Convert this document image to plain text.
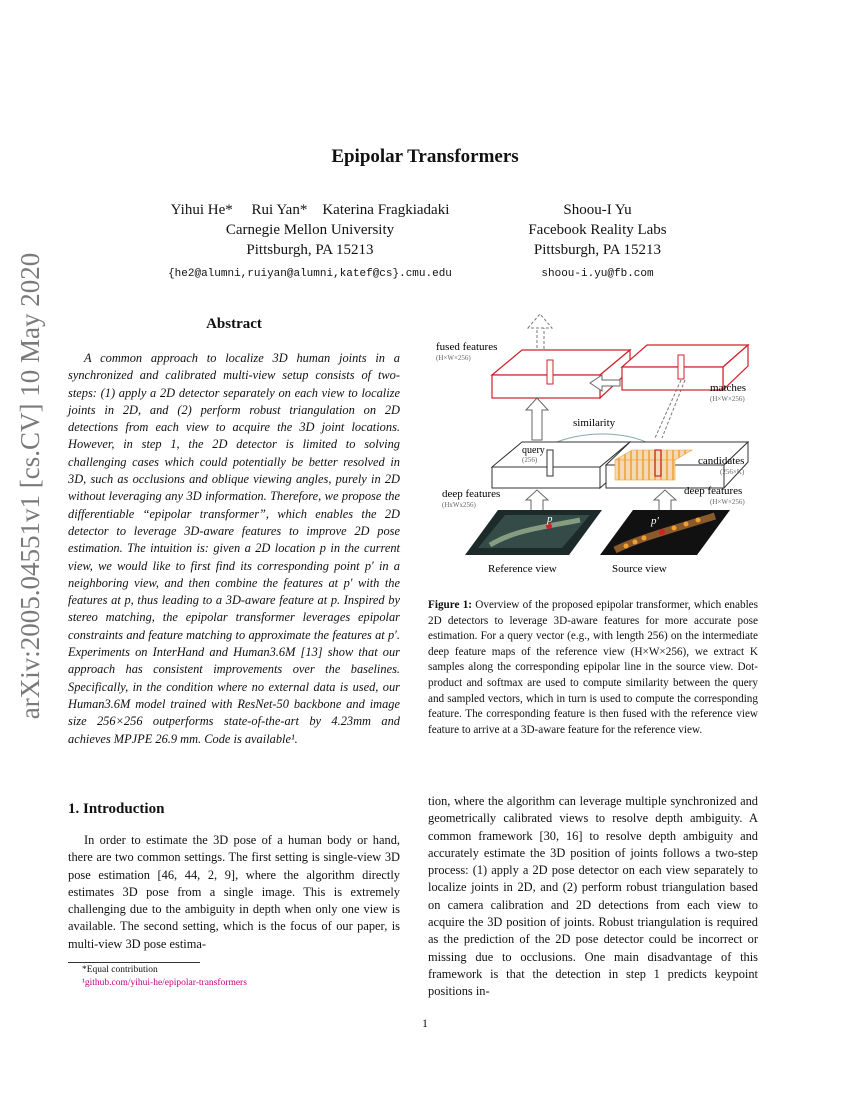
arXiv:2005.04551v1 [cs.CV] 10 May 2020
Epipolar Transformers
Yihui He*     Rui Yan*    Katerina Fragkiadaki
Carnegie Mellon University
Pittsburgh, PA 15213
{he2@alumni,ruiyan@alumni,katef@cs}.cmu.edu
Shoou-I Yu
Facebook Reality Labs
Pittsburgh, PA 15213
shoou-i.yu@fb.com
Abstract

A common approach to localize 3D human joints in a synchronized and calibrated multi-view setup consists of two-steps: (1) apply a 2D detector separately on each view to localize joints in 2D, and (2) perform robust triangulation on 2D detections from each view to acquire the 3D joint locations. However, in step 1, the 2D detector is limited to solving challenging cases which could potentially be better resolved in 3D, such as occlusions and oblique viewing angles, purely in 2D without leveraging any 3D information. Therefore, we propose the differentiable “epipolar transformer”, which enables the 2D detector to leverage 3D-aware features to improve 2D pose estimation. The intuition is: given a 2D location p in the current view, we would like to first find its corresponding point p′ in a neighboring view, and then combine the features at p′ with the features at p, thus leading to a 3D-aware feature at p. Inspired by stereo matching, the epipolar transformer leverages epipolar constraints and feature matching to approximate the features at p′. Experiments on InterHand and Human3.6M [13] show that our approach has consistent improvements over the baselines. Specifically, in the condition where no external data is used, our Human3.6M model trained with ResNet-50 backbone and image size 256×256 outperforms state-of-the-art by 4.23mm and achieves MPJPE 26.9 mm. Code is available¹.

1. Introduction

In order to estimate the 3D pose of a human body or hand, there are two common settings. The first setting is single-view 3D pose estimation [46, 44, 2, 9], where the algorithm directly estimates 3D pose from a single image. This is extremely challenging due to the ambiguity in depth when only one view is available. The second setting, which is the focus of our paper, is multi-view 3D pose estima-

*Equal contribution
¹github.com/yihui-he/epipolar-transformers
fused features
(H×W×256)
matches
(H×W×256)
similarity
query
(256)	candidates
(256×K)
deep features
(HxWx256)
deep features
(H×W×256)
p	p′
Reference view	Source view
Figure 1: Overview of the proposed epipolar transformer, which enables 2D detectors to leverage 3D-aware features for more accurate pose estimation. For a query vector (e.g., with length 256) on the intermediate deep feature maps of the reference view (H×W×256), we extract K samples along the corresponding epipolar line in the source view. Dot-product and softmax are used to compute similarity between the query and sampled vectors, which in turn is used to compute the corresponding feature. The corresponding feature is then fused with the reference view feature to arrive at a 3D-aware feature for the reference view.

tion, where the algorithm can leverage multiple synchronized and geometrically calibrated views to resolve depth ambiguity. A common framework [30, 16] to resolve depth ambiguity and accurately estimate the 3D position of joints follows a two-step process: (1) apply a 2D pose detector on each view separately to localize joints in 2D, and (2) perform robust triangulation based on camera calibration and 2D detections from each view to acquire the 3D position of joints. Robust triangulation is required as the prediction of the 2D pose detector could be incorrect or missing due to occlusions. One main disadvantage of this framework is that the detection in step 1 predicts keypoint positions in-

1
